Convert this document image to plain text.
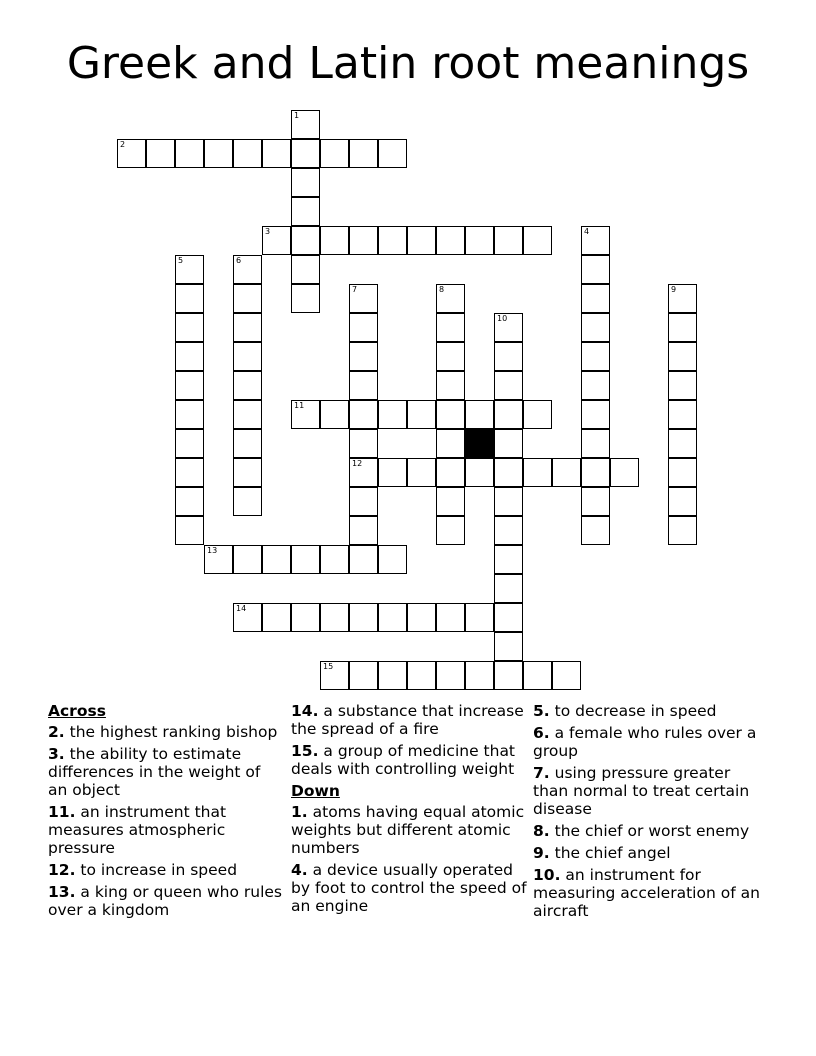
Greek and Latin root meanings
1
2
3	4
5	6
7	8	9
10
11
12
13
14
15
Across
2. the highest ranking bishop
3. the ability to estimate differences in the weight of an object
11. an instrument that measures atmospheric pressure
12. to increase in speed
13. a king or queen who rules over a kingdom
14. a substance that increase the spread of a fire
15. a group of medicine that deals with controlling weight
Down
1. atoms having equal atomic weights but different atomic numbers
4. a device usually operated by foot to control the speed of an engine
5. to decrease in speed
6. a female who rules over a group
7. using pressure greater than normal to treat certain disease
8. the chief or worst enemy
9. the chief angel
10. an instrument for measuring acceleration of an aircraft
